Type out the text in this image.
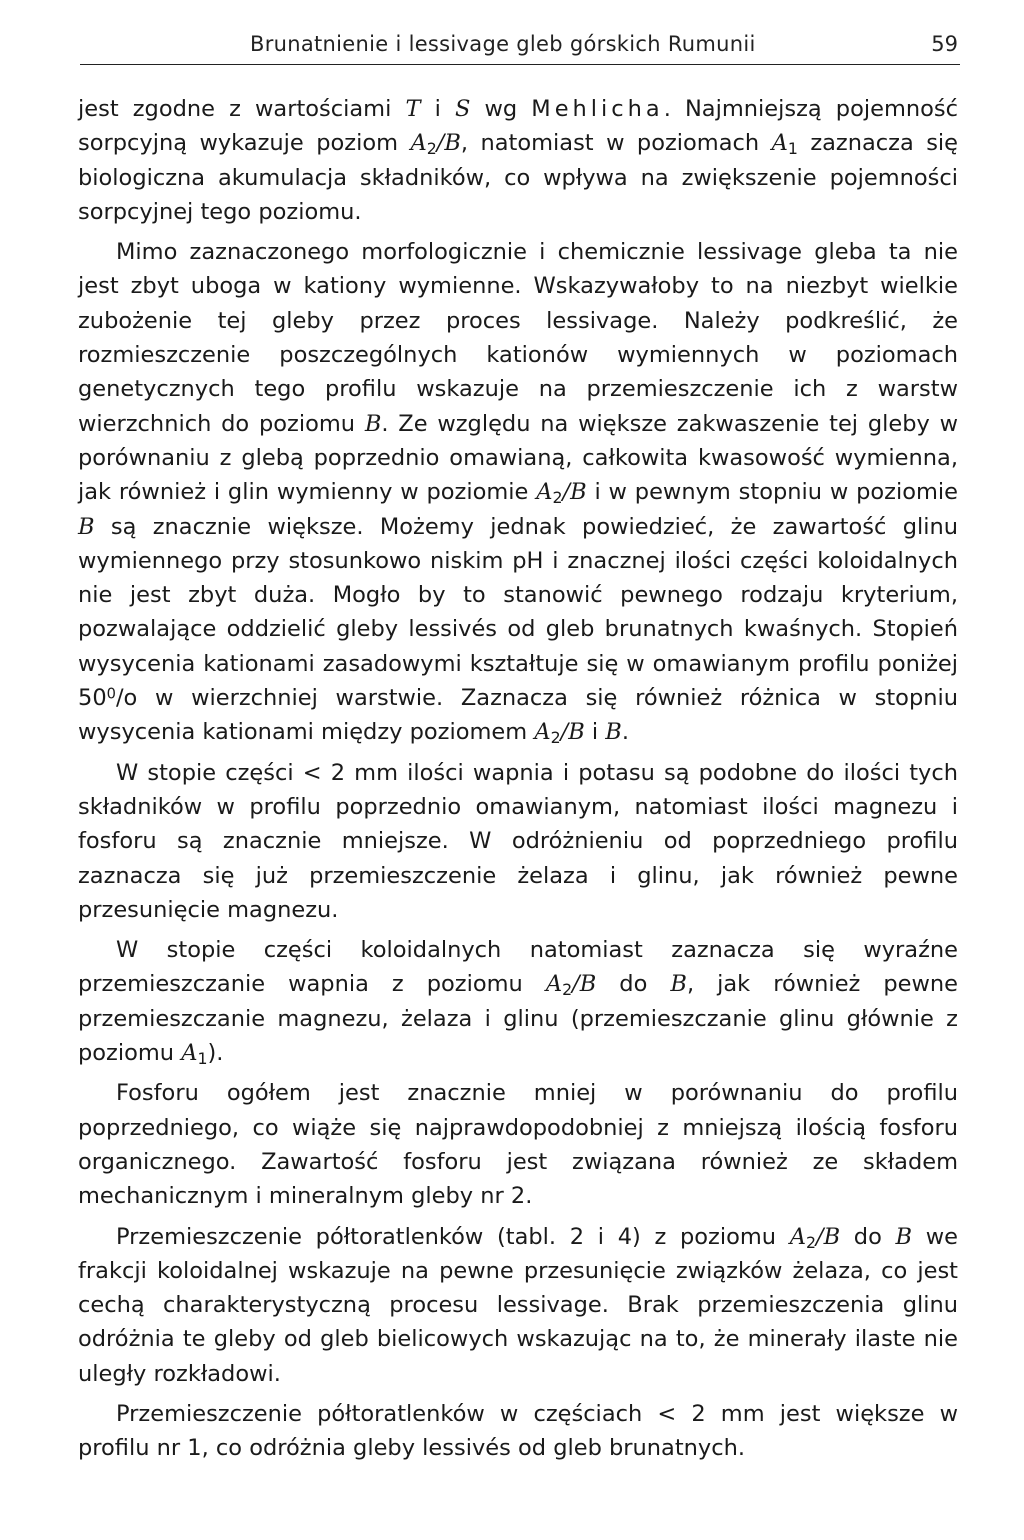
Brunatnienie i lessivage gleb górskich Rumunii	59

jest zgodne z wartościami T i S wg Mehlicha. Najmniejszą pojemność sorpcyjną wykazuje poziom $A_2/B$, natomiast w poziomach $A_1$ zaznacza się biologiczna akumulacja składników, co wpływa na zwiększenie pojemności sorpcyjnej tego poziomu.

Mimo zaznaczonego morfologicznie i chemicznie lessivage gleba ta nie jest zbyt uboga w kationy wymienne. Wskazywałoby to na niezbyt wielkie zubożenie tej gleby przez proces lessivage. Należy podkreślić, że rozmieszczenie poszczególnych kationów wymiennych w poziomach genetycznych tego profilu wskazuje na przemieszczenie ich z warstw wierzchnich do poziomu B. Ze względu na większe zakwaszenie tej gleby w porównaniu z glebą poprzednio omawianą, całkowita kwasowość wymienna, jak również i glin wymienny w poziomie $A_2/B$ i w pewnym stopniu w poziomie B są znacznie większe. Możemy jednak powiedzieć, że zawartość glinu wymiennego przy stosunkowo niskim pH i znacznej ilości części koloidalnych nie jest zbyt duża. Mogło by to stanowić pewnego rodzaju kryterium, pozwalające oddzielić gleby lessivés od gleb brunatnych kwaśnych. Stopień wysycenia kationami zasadowymi kształtuje się w omawianym profilu poniżej $50^0/o$ w wierzchniej warstwie. Zaznacza się również różnica w stopniu wysycenia kationami między poziomem $A_2/B$ i B.

W stopie części < 2 mm ilości wapnia i potasu są podobne do ilości tych składników w profilu poprzednio omawianym, natomiast ilości magnezu i fosforu są znacznie mniejsze. W odróżnieniu od poprzedniego profilu zaznacza się już przemieszczenie żelaza i glinu, jak również pewne przesunięcie magnezu.

W stopie części koloidalnych natomiast zaznacza się wyraźne przemieszczanie wapnia z poziomu $A_2/B$ do B, jak również pewne przemieszczanie magnezu, żelaza i glinu (przemieszczanie glinu głównie z poziomu $A_1$).

Fosforu ogółem jest znacznie mniej w porównaniu do profilu poprzedniego, co wiąże się najprawdopodobniej z mniejszą ilością fosforu organicznego. Zawartość fosforu jest związana również ze składem mechanicznym i mineralnym gleby nr 2.

Przemieszczenie półtoratlenków (tabl. 2 i 4) z poziomu $A_2/B$ do B we frakcji koloidalnej wskazuje na pewne przesunięcie związków żelaza, co jest cechą charakterystyczną procesu lessivage. Brak przemieszczenia glinu odróżnia te gleby od gleb bielicowych wskazując na to, że minerały ilaste nie uległy rozkładowi.

Przemieszczenie półtoratlenków w częściach < 2 mm jest większe w profilu nr 1, co odróżnia gleby lessivés od gleb brunatnych.
